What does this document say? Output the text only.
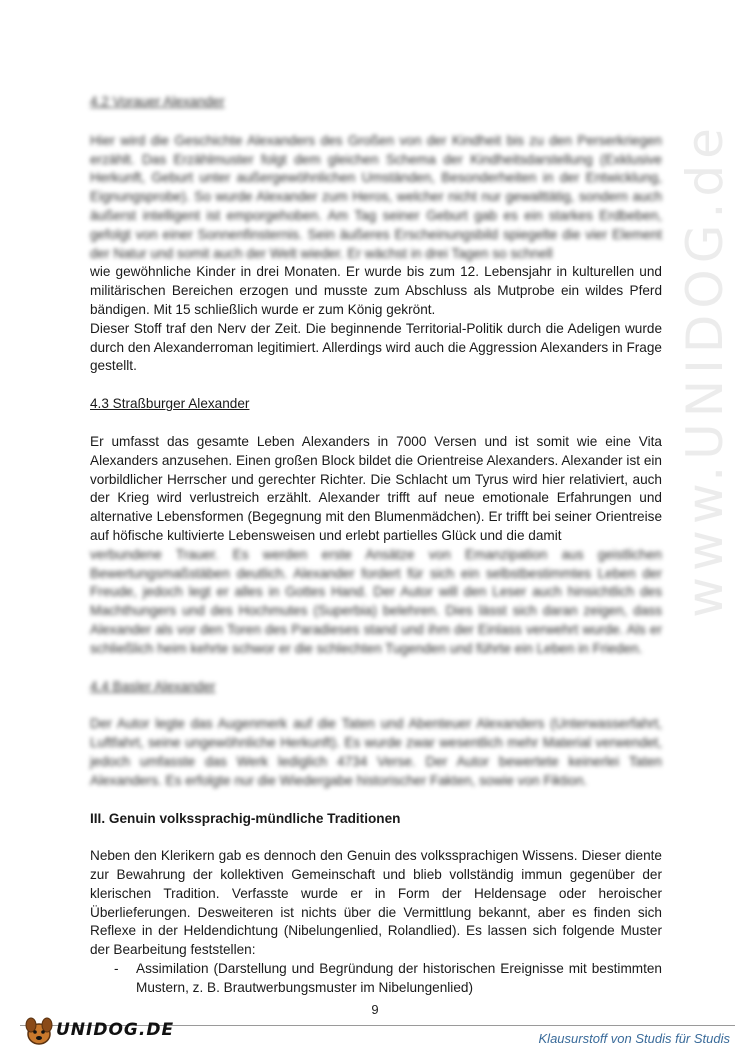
www.UNIDOG.de

4.2 Vorauer Alexander

Hier wird die Geschichte Alexanders des Großen von der Kindheit bis zu den Perserkriegen erzählt. Das Erzählmuster folgt dem gleichen Schema der Kindheitsdarstellung (Exklusive Herkunft, Geburt unter außergewöhnlichen Umständen, Besonderheiten in der Entwicklung, Eignungsprobe). So wurde Alexander zum Heros, welcher nicht nur gewalttätig, sondern auch äußerst intelligent ist emporgehoben. Am Tag seiner Geburt gab es ein starkes Erdbeben, gefolgt von einer Sonnenfinsternis. Sein äußeres Erscheinungsbild spiegelte die vier Element der Natur und somit auch der Welt wieder. Er wächst in drei Tagen so schnell

wie gewöhnliche Kinder in drei Monaten. Er wurde bis zum 12. Lebensjahr in kulturellen und militärischen Bereichen erzogen und musste zum Abschluss als Mutprobe ein wildes Pferd bändigen. Mit 15 schließlich wurde er zum König gekrönt.

Dieser Stoff traf den Nerv der Zeit. Die beginnende Territorial-Politik durch die Adeligen wurde durch den Alexanderroman legitimiert. Allerdings wird auch die Aggression Alexanders in Frage gestellt.

4.3 Straßburger Alexander

Er umfasst das gesamte Leben Alexanders in 7000 Versen und ist somit wie eine Vita Alexanders anzusehen. Einen großen Block bildet die Orientreise Alexanders. Alexander ist ein vorbildlicher Herrscher und gerechter Richter. Die Schlacht um Tyrus wird hier relativiert, auch der Krieg wird verlustreich erzählt. Alexander trifft auf neue emotionale Erfahrungen und alternative Lebensformen (Begegnung mit den Blumenmädchen). Er trifft bei seiner Orientreise auf höfische kultivierte Lebensweisen und erlebt partielles Glück und die damit

verbundene Trauer. Es werden erste Ansätze von Emanzipation aus geistlichen Bewertungsmaßstäben deutlich. Alexander fordert für sich ein selbstbestimmtes Leben der Freude, jedoch legt er alles in Gottes Hand. Der Autor will den Leser auch hinsichtlich des Machthungers und des Hochmutes (Superbia) belehren. Dies lässt sich daran zeigen, dass Alexander als vor den Toren des Paradieses stand und ihm der Einlass verwehrt wurde. Als er schließlich heim kehrte schwor er die schlechten Tugenden und führte ein Leben in Frieden.

4.4 Basler Alexander

Der Autor legte das Augenmerk auf die Taten und Abenteuer Alexanders (Unterwasserfahrt, Luftfahrt, seine ungewöhnliche Herkunft). Es wurde zwar wesentlich mehr Material verwendet, jedoch umfasste das Werk lediglich 4734 Verse. Der Autor bewertete keinerlei Taten Alexanders. Es erfolgte nur die Wiedergabe historischer Fakten, sowie von Fiktion.

III. Genuin volkssprachig-mündliche Traditionen

Neben den Klerikern gab es dennoch den Genuin des volkssprachigen Wissens. Dieser diente zur Bewahrung der kollektiven Gemeinschaft und blieb vollständig immun gegenüber der klerischen Tradition. Verfasste wurde er in Form der Heldensage oder heroischer Überlieferungen. Desweiteren ist nichts über die Vermittlung bekannt, aber es finden sich Reflexe in der Heldendichtung (Nibelungenlied, Rolandlied). Es lassen sich folgende Muster der Bearbeitung feststellen:

- Assimilation (Darstellung und Begründung der historischen Ereignisse mit bestimmten Mustern, z. B. Brautwerbungsmuster im Nibelungenlied)
9
UNIDOG.DE	Klausurstoff von Studis für Studis
